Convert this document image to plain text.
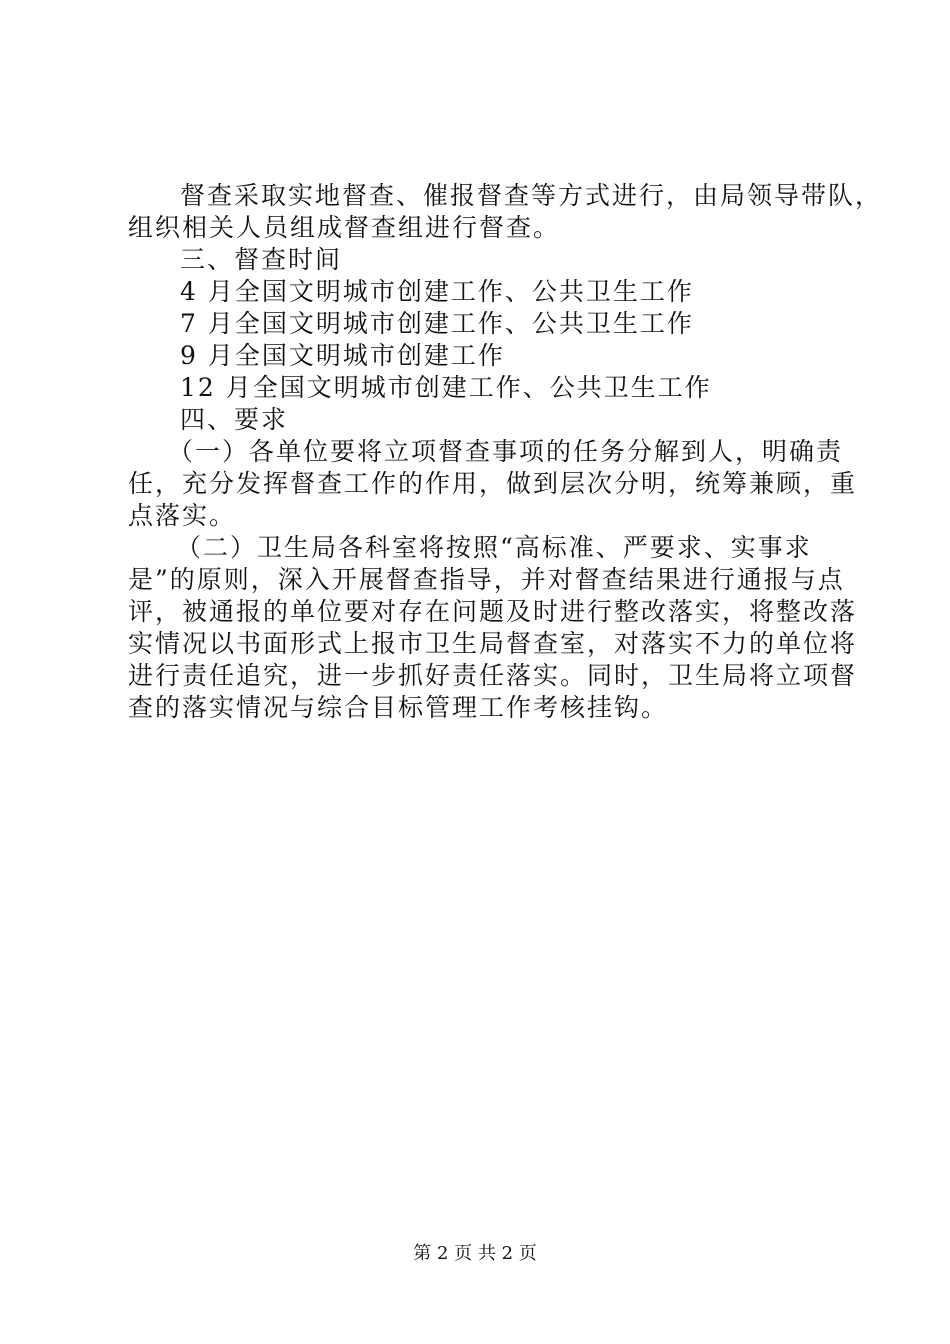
督查采取实地督查、催报督查等方式进行，由局领导带队，
组织相关人员组成督查组进行督查。
三、督查时间
4 月全国文明城市创建工作、公共卫生工作
7 月全国文明城市创建工作、公共卫生工作
9 月全国文明城市创建工作
12 月全国文明城市创建工作、公共卫生工作
四、要求
（一）各单位要将立项督查事项的任务分解到人，明确责
任，充分发挥督查工作的作用，做到层次分明，统筹兼顾，重
点落实。
（二）卫生局各科室将按照“高标准、严要求、实事求
是”的原则，深入开展督查指导，并对督查结果进行通报与点
评，被通报的单位要对存在问题及时进行整改落实，将整改落
实情况以书面形式上报市卫生局督查室，对落实不力的单位将
进行责任追究，进一步抓好责任落实。同时，卫生局将立项督
查的落实情况与综合目标管理工作考核挂钩。
第 2 页 共 2 页
